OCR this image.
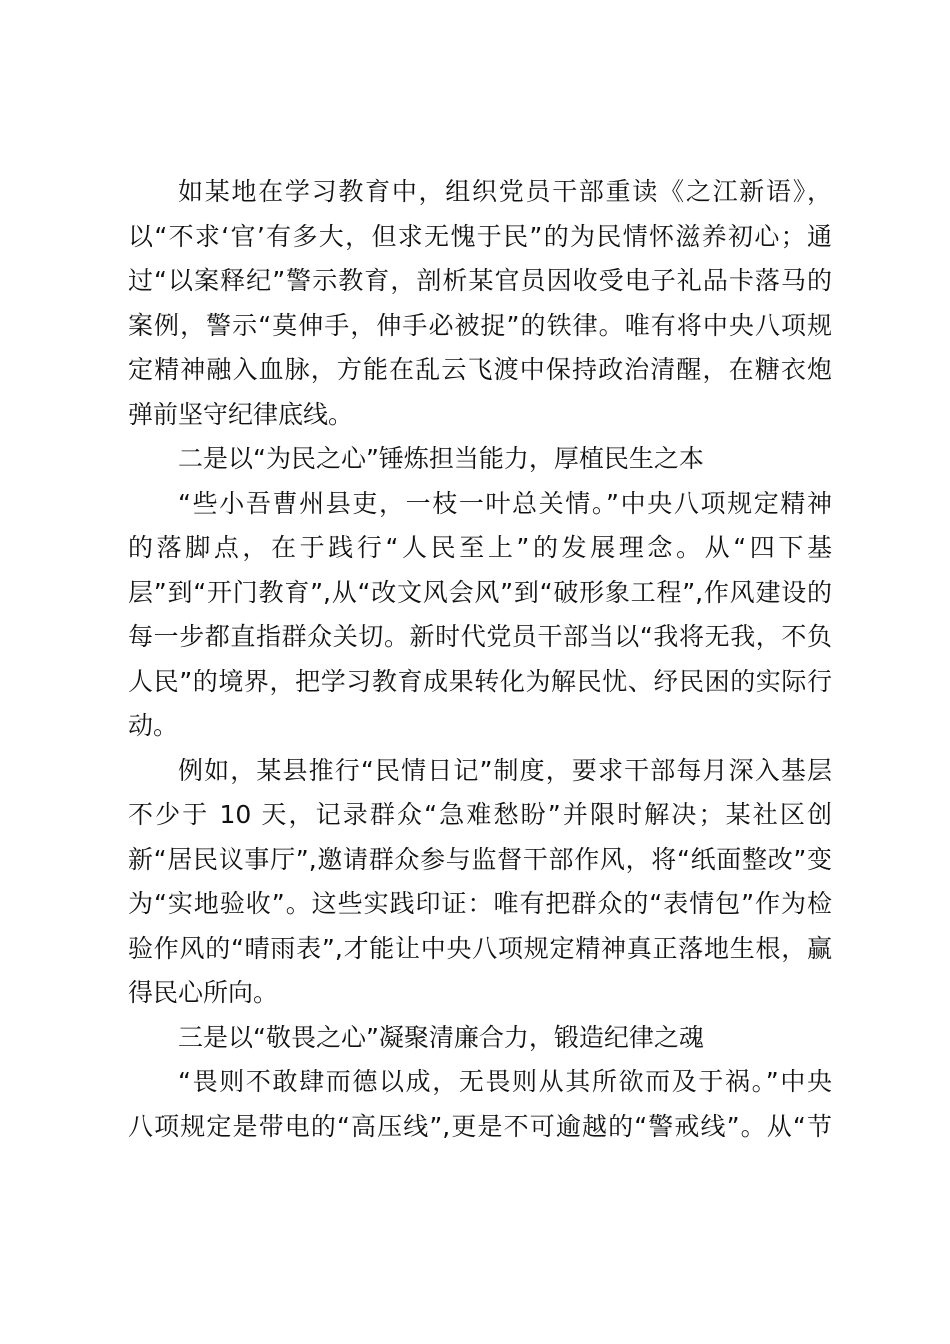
如某地在学习教育中，组织党员干部重读《之江新语》，
以“不求‘官’有多大，但求无愧于民”的为民情怀滋养初心；通
过“以案释纪”警示教育，剖析某官员因收受电子礼品卡落马的
案例，警示“莫伸手，伸手必被捉”的铁律。唯有将中央八项规
定精神融入血脉，方能在乱云飞渡中保持政治清醒，在糖衣炮
弹前坚守纪律底线。
二是以“为民之心”锤炼担当能力，厚植民生之本
“些小吾曹州县吏，一枝一叶总关情。”中央八项规定精神
的落脚点，在于践行“人民至上”的发展理念。从“四下基
层”到“开门教育”,从“改文风会风”到“破形象工程”,作风建设的
每一步都直指群众关切。新时代党员干部当以“我将无我，不负
人民”的境界，把学习教育成果转化为解民忧、纾民困的实际行
动。
例如，某县推行“民情日记”制度，要求干部每月深入基层
不少于 10 天，记录群众“急难愁盼”并限时解决；某社区创
新“居民议事厅”,邀请群众参与监督干部作风，将“纸面整改”变
为“实地验收”。这些实践印证：唯有把群众的“表情包”作为检
验作风的“晴雨表”,才能让中央八项规定精神真正落地生根，赢
得民心所向。
三是以“敬畏之心”凝聚清廉合力，锻造纪律之魂
“畏则不敢肆而德以成，无畏则从其所欲而及于祸。”中央
八项规定是带电的“高压线”,更是不可逾越的“警戒线”。从“节
